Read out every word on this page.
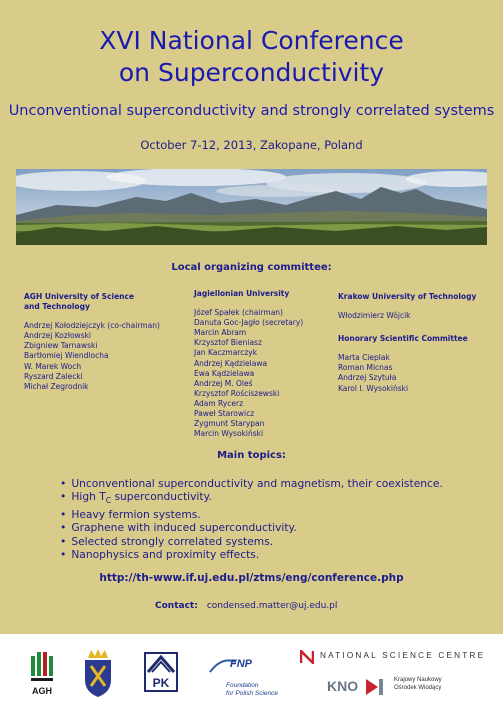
XVI National Conference
on Superconductivity
Unconventional superconductivity and strongly correlated systems
October 7-12, 2013, Zakopane, Poland
Local organizing committee:
AGH University of Science
and Technology
Andrzej Kołodziejczyk (co-chairman)
Andrzej Kozłowski
Zbigniew Tarnawski
Bartłomiej Wiendlocha
W. Marek Woch
Ryszard Zalecki
Michał Zegrodnik
Jagiellonian University
Józef Spałek (chairman)
Danuta Goc-Jagło (secretary)
Marcin Abram
Krzysztof Bieniasz
Jan Kaczmarczyk
Andrzej Kądzielawa
Ewa Kądzielawa
Andrzej M. Oleś
Krzysztof Rościszewski
Adam Rycerz
Paweł Starowicz
Zygmunt Starypan
Marcin Wysokiński
Krakow University of Technology
Włodzimierz Wójcik
Honorary Scientific Committee
Marta Cieplak
Roman Micnas
Andrzej Szytuła
Karol I. Wysokiński
Main topics:
• Unconventional superconductivity and magnetism, their coexistence.
• High $T_C$ superconductivity.
• Heavy fermion systems.
• Graphene with induced superconductivity.
• Selected strongly correlated systems.
• Nanophysics and proximity effects.
http://th-www.if.uj.edu.pl/ztms/eng/conference.php
Contact: condensed.matter@uj.edu.pl
AGH
PK
FNP
Foundation
for Polish Science
NATIONAL SCIENCE CENTRE
KNO	Krajowy Naukowy
Ośrodek Wiodący
